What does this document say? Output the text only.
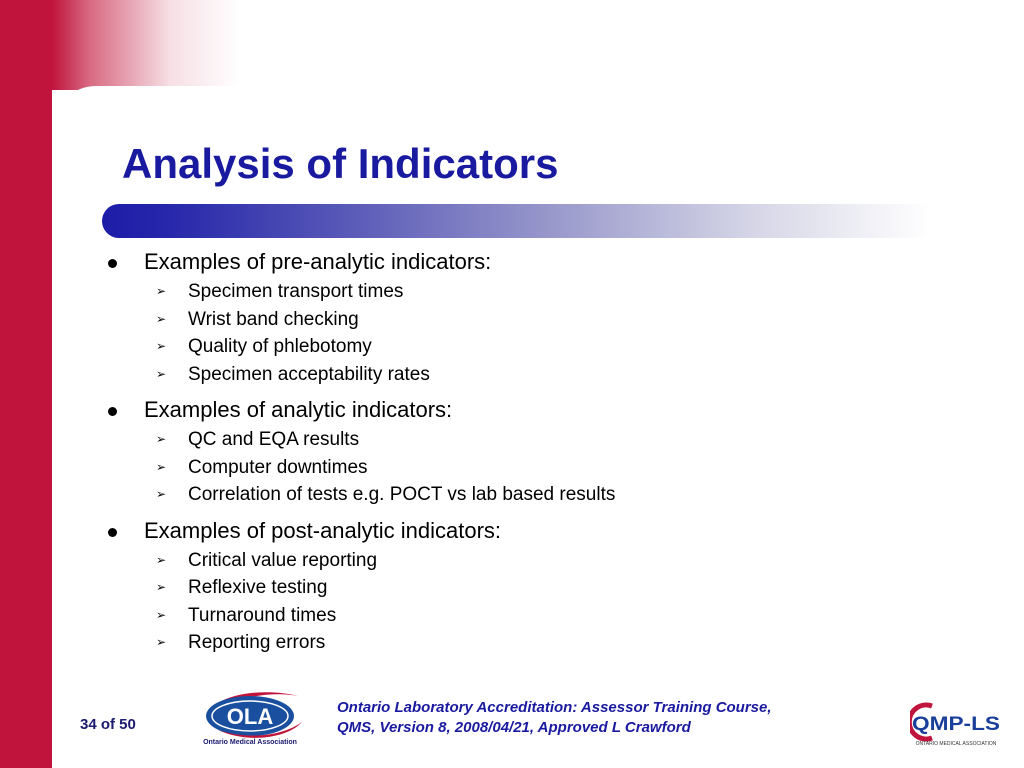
Analysis of Indicators
Examples of pre-analytic indicators:
➢ Specimen transport times
➢ Wrist band checking
➢ Quality of phlebotomy
➢ Specimen acceptability rates
Examples of analytic indicators:
➢ QC and EQA results
➢ Computer downtimes
➢ Correlation of tests e.g. POCT vs lab based results
Examples of post-analytic indicators:
➢ Critical value reporting
➢ Reflexive testing
➢ Turnaround times
➢ Reporting errors
34 of 50	OLA
Ontario Medical Association
Ontario Laboratory Accreditation: Assessor Training Course,
QMS, Version 8, 2008/04/21, Approved L Crawford	QMP-LS
ONTARIO MEDICAL ASSOCIATION
